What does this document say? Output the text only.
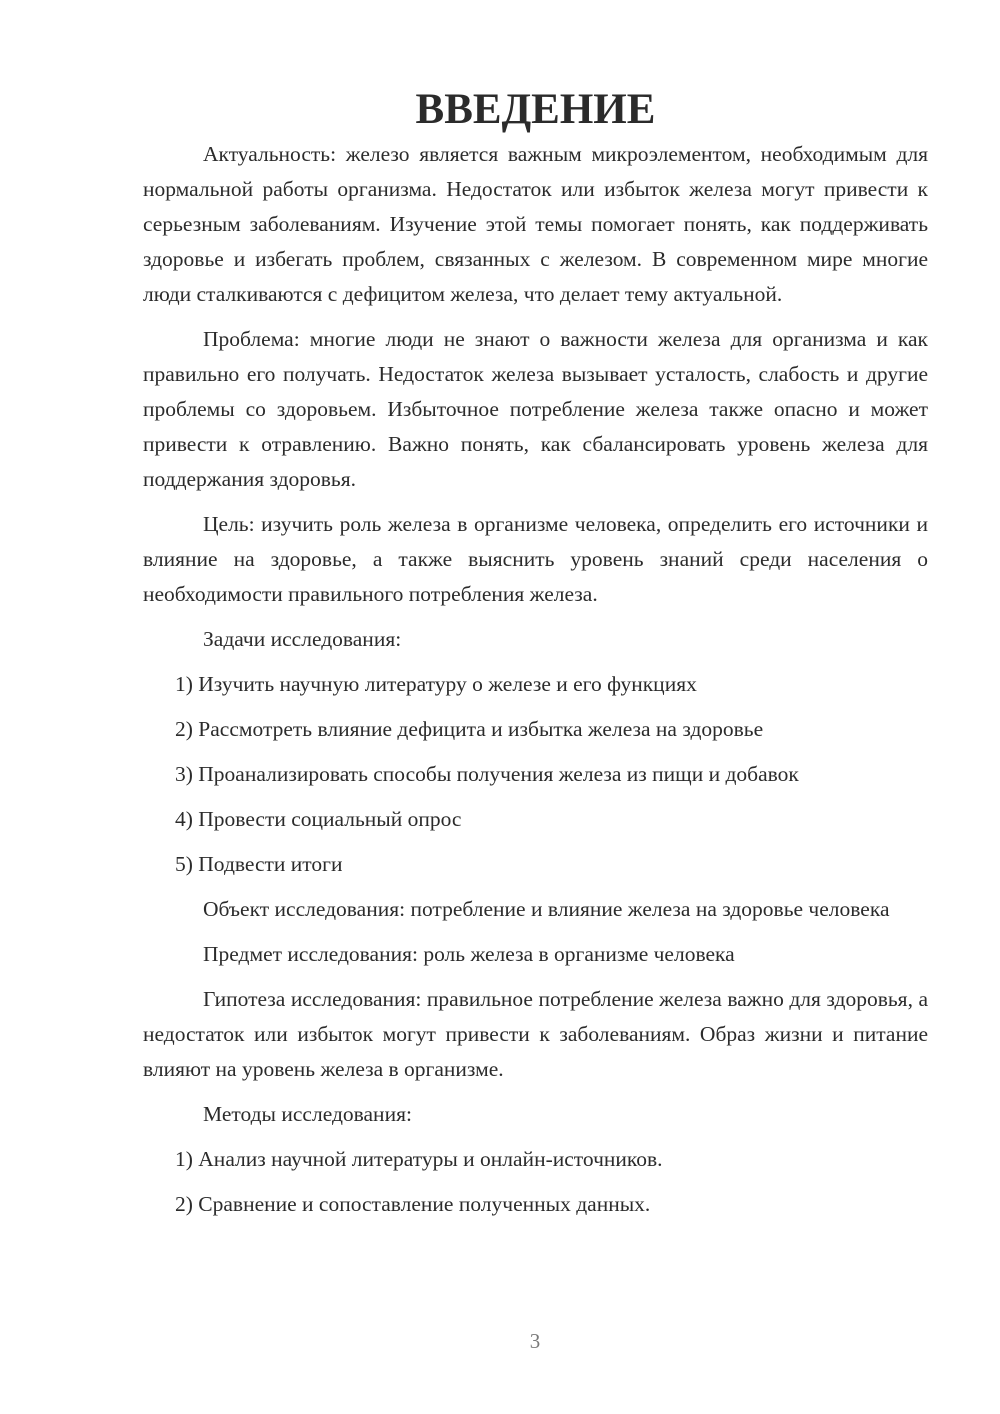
ВВЕДЕНИЕ

Актуальность: железо является важным микроэлементом, необходимым для нормальной работы организма. Недостаток или избыток железа могут привести к серьезным заболеваниям. Изучение этой темы помогает понять, как поддерживать здоровье и избегать проблем, связанных с железом. В современном мире многие люди сталкиваются с дефицитом железа, что делает тему актуальной.

Проблема: многие люди не знают о важности железа для организма и как правильно его получать. Недостаток железа вызывает усталость, слабость и другие проблемы со здоровьем. Избыточное потребление железа также опасно и может привести к отравлению. Важно понять, как сбалансировать уровень железа для поддержания здоровья.

Цель: изучить роль железа в организме человека, определить его источники и влияние на здоровье, а также выяснить уровень знаний среди населения о необходимости правильного потребления железа.

Задачи исследования:

1) Изучить научную литературу о железе и его функциях
2) Рассмотреть влияние дефицита и избытка железа на здоровье
3) Проанализировать способы получения железа из пищи и добавок
4) Провести социальный опрос
5) Подвести итоги

Объект исследования: потребление и влияние железа на здоровье человека

Предмет исследования: роль железа в организме человека

Гипотеза исследования: правильное потребление железа важно для здоровья, а недостаток или избыток могут привести к заболеваниям. Образ жизни и питание влияют на уровень железа в организме.

Методы исследования:

1) Анализ научной литературы и онлайн-источников.
2) Сравнение и сопоставление полученных данных.
3
